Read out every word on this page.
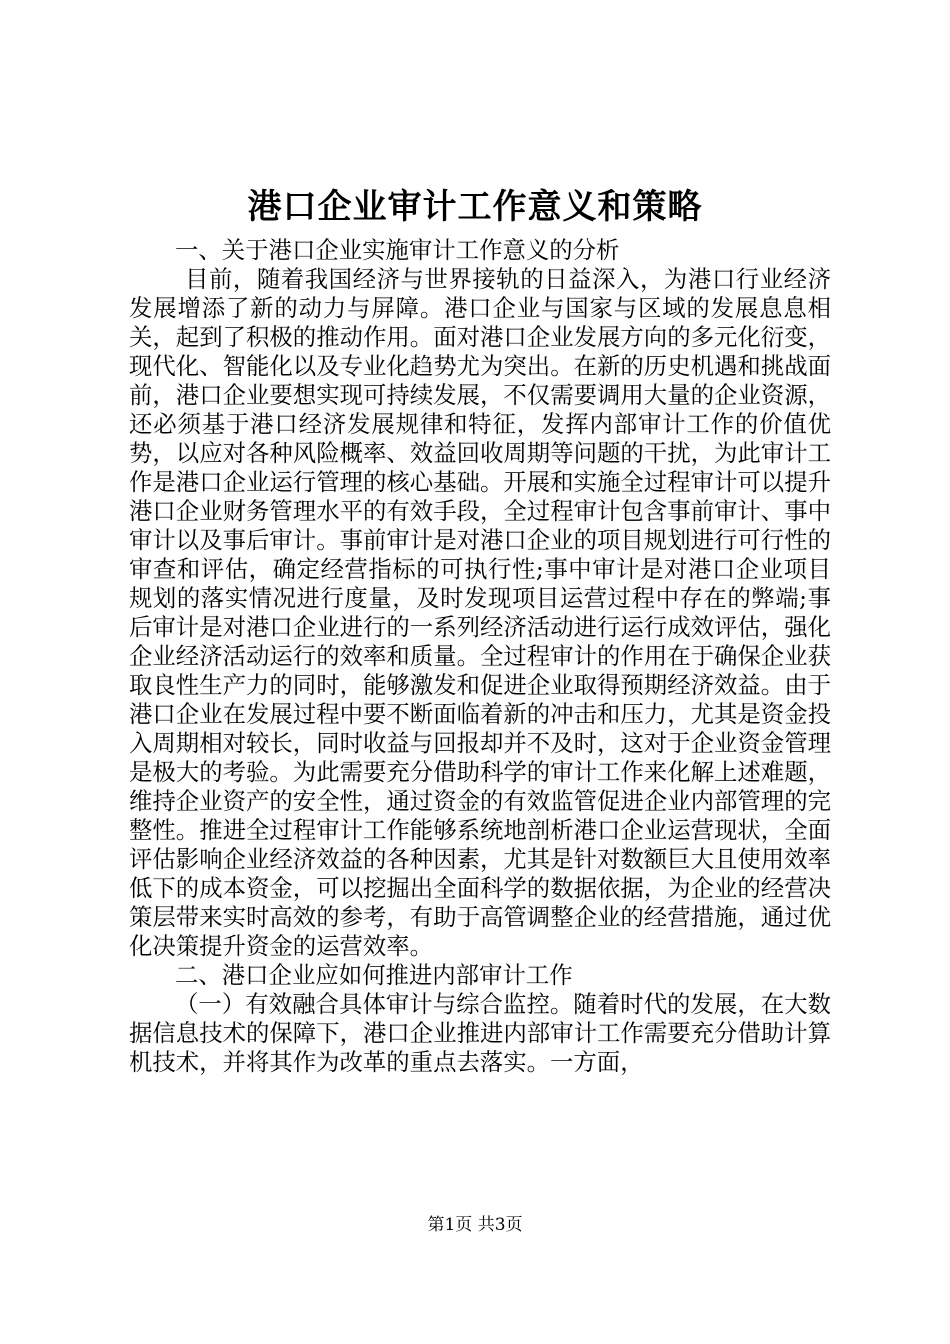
港口企业审计工作意义和策略

一、关于港口企业实施审计工作意义的分析

目前，随着我国经济与世界接轨的日益深入，为港口行业经济发展增添了新的动力与屏障。港口企业与国家与区域的发展息息相关，起到了积极的推动作用。面对港口企业发展方向的多元化衍变，现代化、智能化以及专业化趋势尤为突出。在新的历史机遇和挑战面前，港口企业要想实现可持续发展，不仅需要调用大量的企业资源，还必须基于港口经济发展规律和特征，发挥内部审计工作的价值优势，以应对各种风险概率、效益回收周期等问题的干扰，为此审计工作是港口企业运行管理的核心基础。开展和实施全过程审计可以提升港口企业财务管理水平的有效手段，全过程审计包含事前审计、事中审计以及事后审计。事前审计是对港口企业的项目规划进行可行性的审查和评估，确定经营指标的可执行性;事中审计是对港口企业项目规划的落实情况进行度量，及时发现项目运营过程中存在的弊端;事后审计是对港口企业进行的一系列经济活动进行运行成效评估，强化企业经济活动运行的效率和质量。全过程审计的作用在于确保企业获取良性生产力的同时，能够激发和促进企业取得预期经济效益。由于港口企业在发展过程中要不断面临着新的冲击和压力，尤其是资金投入周期相对较长，同时收益与回报却并不及时，这对于企业资金管理是极大的考验。为此需要充分借助科学的审计工作来化解上述难题，维持企业资产的安全性，通过资金的有效监管促进企业内部管理的完整性。推进全过程审计工作能够系统地剖析港口企业运营现状，全面评估影响企业经济效益的各种因素，尤其是针对数额巨大且使用效率低下的成本资金，可以挖掘出全面科学的数据依据，为企业的经营决策层带来实时高效的参考，有助于高管调整企业的经营措施，通过优化决策提升资金的运营效率。

二、港口企业应如何推进内部审计工作

（一）有效融合具体审计与综合监控。随着时代的发展，在大数据信息技术的保障下，港口企业推进内部审计工作需要充分借助计算机技术，并将其作为改革的重点去落实。一方面，

第1页 共3页
